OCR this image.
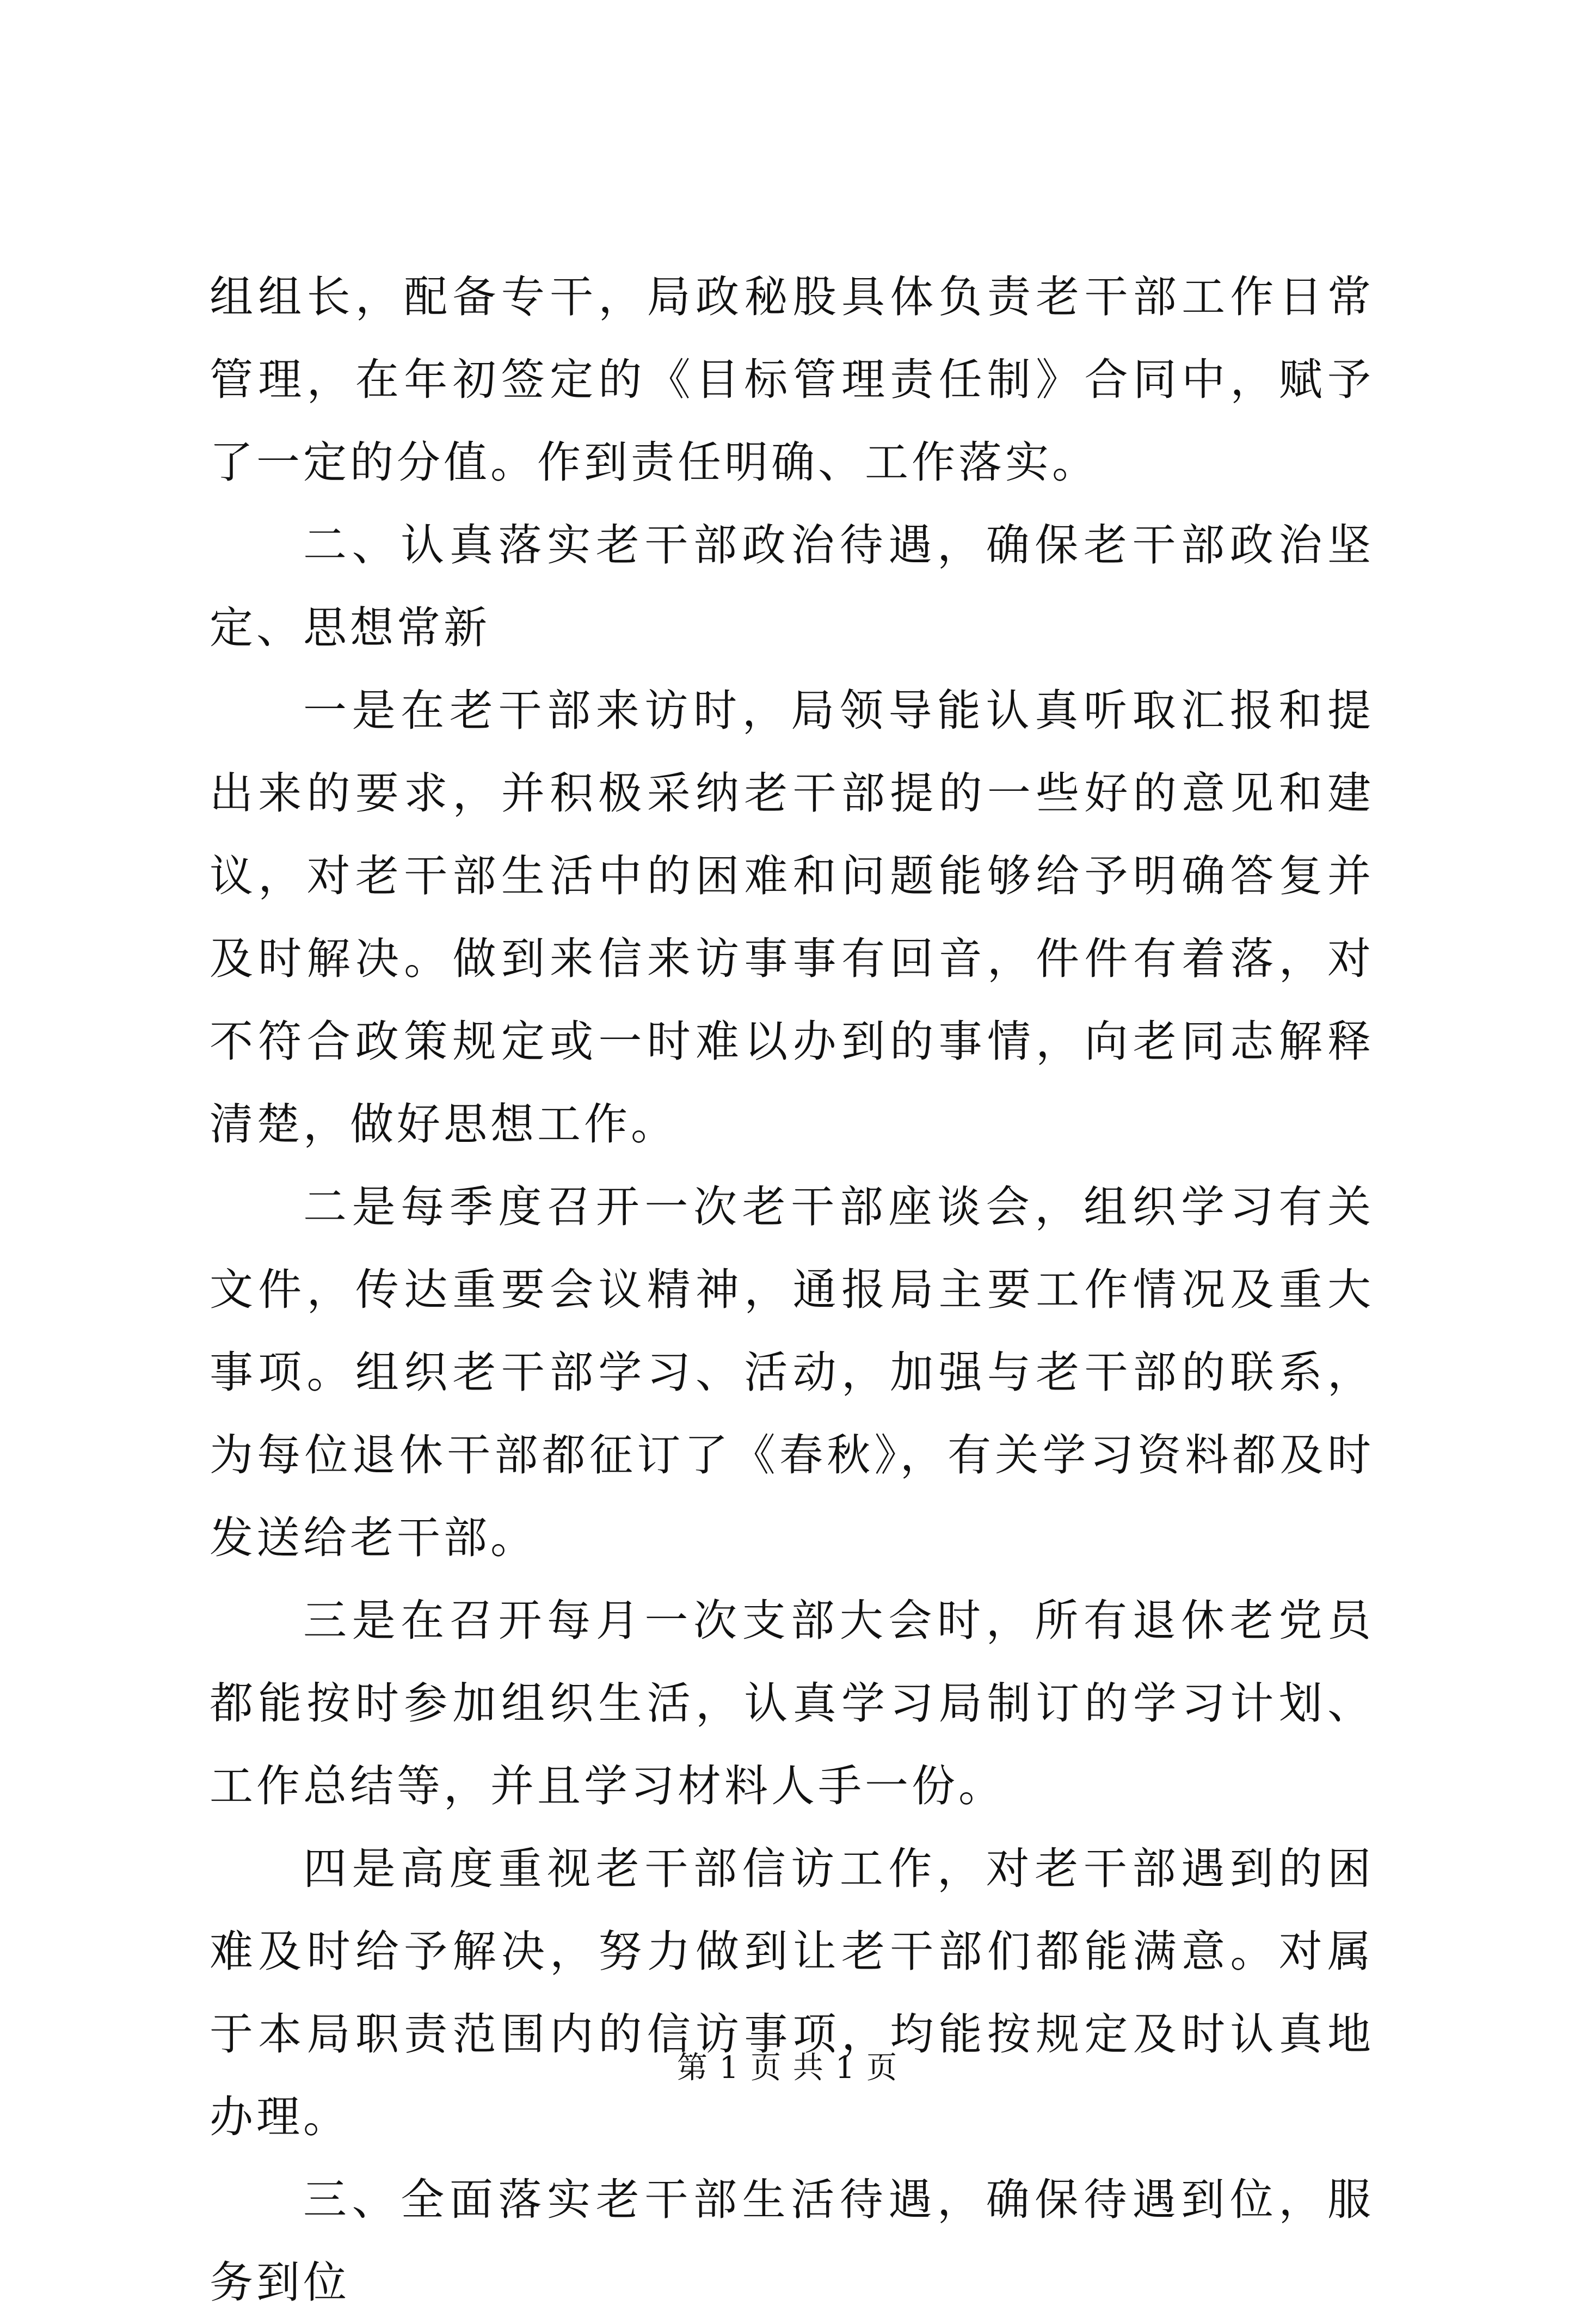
组组长，配备专干，局政秘股具体负责老干部工作日常管理，在年初签定的《目标管理责任制》合同中，赋予了一定的分值。作到责任明确、工作落实。

二、认真落实老干部政治待遇，确保老干部政治坚定、思想常新

一是在老干部来访时，局领导能认真听取汇报和提出来的要求，并积极采纳老干部提的一些好的意见和建议，对老干部生活中的困难和问题能够给予明确答复并及时解决。做到来信来访事事有回音，件件有着落，对不符合政策规定或一时难以办到的事情，向老同志解释清楚，做好思想工作。

二是每季度召开一次老干部座谈会，组织学习有关文件，传达重要会议精神，通报局主要工作情况及重大事项。组织老干部学习、活动，加强与老干部的联系，为每位退休干部都征订了《春秋》，有关学习资料都及时发送给老干部。

三是在召开每月一次支部大会时，所有退休老党员都能按时参加组织生活，认真学习局制订的学习计划、工作总结等，并且学习材料人手一份。

四是高度重视老干部信访工作，对老干部遇到的困难及时给予解决，努力做到让老干部们都能满意。对属于本局职责范围内的信访事项，均能按规定及时认真地办理。

三、全面落实老干部生活待遇，确保待遇到位，服务到位

第 1 页 共 1 页
